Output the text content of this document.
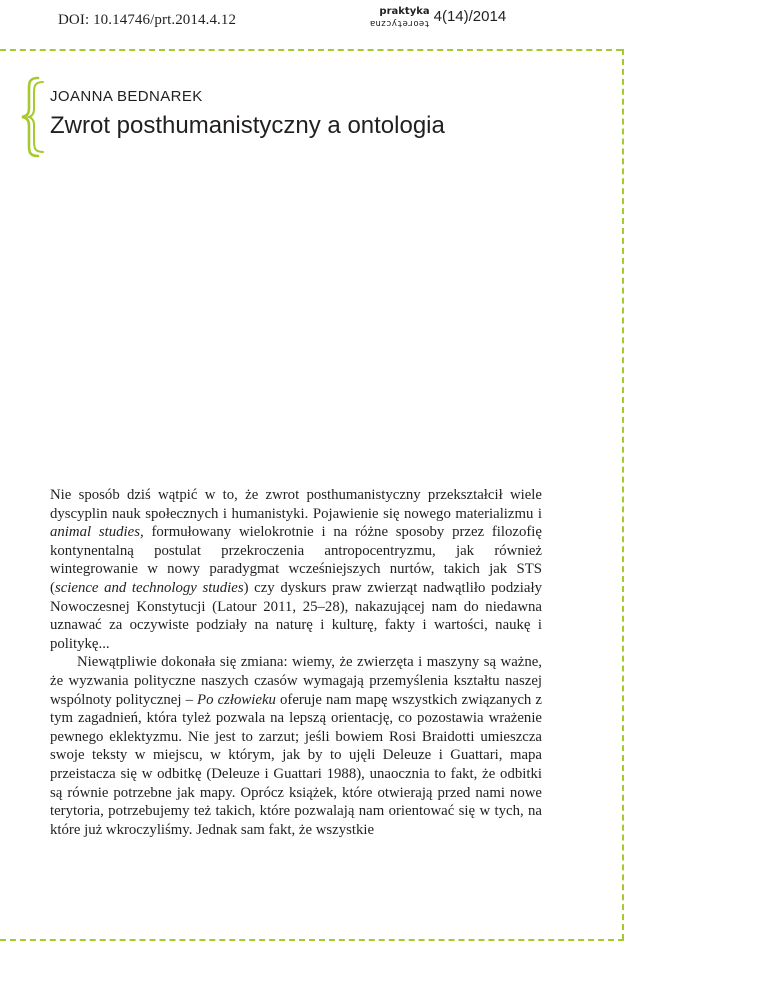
DOI: 10.14746/prt.2014.4.12
praktyka
teoretyczna 4(14)/2014
JOANNA BEDNAREK
Zwrot posthumanistyczny a ontologia

Nie sposób dziś wątpić w to, że zwrot posthumanistyczny przekształcił wiele dyscyplin nauk społecznych i humanistyki. Pojawienie się nowego materializmu i animal studies, formułowany wielokrotnie i na różne sposoby przez filozofię kontynentalną postulat przekroczenia antropocentryzmu, jak również wintegrowanie w nowy paradygmat wcześniejszych nurtów, takich jak STS (science and technology studies) czy dyskurs praw zwierząt nadwątliło podziały Nowoczesnej Konstytucji (Latour 2011, 25–28), nakazującej nam do niedawna uznawać za oczywiste podziały na naturę i kulturę, fakty i wartości, naukę i politykę...

Niewątpliwie dokonała się zmiana: wiemy, że zwierzęta i maszyny są ważne, że wyzwania polityczne naszych czasów wymagają przemyślenia kształtu naszej wspólnoty politycznej – Po człowieku oferuje nam mapę wszystkich związanych z tym zagadnień, która tyleż pozwala na lepszą orientację, co pozostawia wrażenie pewnego eklektyzmu. Nie jest to zarzut; jeśli bowiem Rosi Braidotti umieszcza swoje teksty w miejscu, w którym, jak by to ujęli Deleuze i Guattari, mapa przeistacza się w odbitkę (Deleuze i Guattari 1988), unaocznia to fakt, że odbitki są równie potrzebne jak mapy. Oprócz książek, które otwierają przed nami nowe terytoria, potrzebujemy też takich, które pozwalają nam orientować się w tych, na które już wkroczyliśmy. Jednak sam fakt, że wszystkie
